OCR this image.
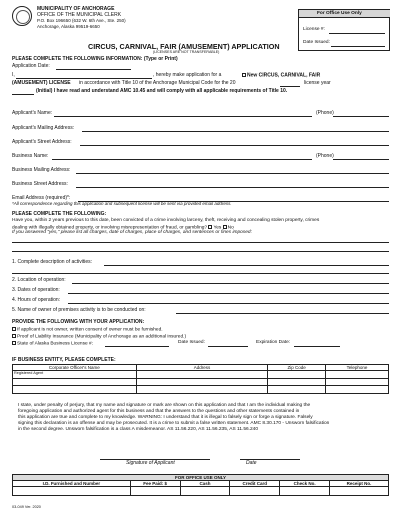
MUNICIPALITY OF ANCHORAGE
OFFICE OF THE MUNICIPAL CLERK
P.O. Box 196650 (632 W. 6th Ave., Ste. 250)
Anchorage, Alaska 99519-6650
For Office Use Only
License #:
Date Issued:
CIRCUS, CARNIVAL, FAIR (AMUSEMENT) APPLICATION
(LICENSES ARE NOT TRANSFERABLE)
PLEASE COMPLETE THE FOLLOWING INFORMATION: (Type or Print)
Application Date:
I,	, hereby make application for a	New CIRCUS, CARNIVAL, FAIR
(AMUSEMENT) LICENSE in accordance with Title 10 of the Anchorage Municipal Code for the 20	license year
(Initial) I have read and understand AMC 10.45 and will comply with all applicable requirements of Title 10.
Applicant's Name:	(Phone)
Applicant's Mailing Address:
Applicant's Street Address:
Business Name:	(Phone)
Business Mailing Address:
Business Street Address:
Email Address (required)*:
*All correspondence regarding this application and subsequent license will be sent via provided email address.
PLEASE COMPLETE THE FOLLOWING:
Have you, within 2 years previous to this date, been convicted of a crime involving larceny, theft, receiving and concealing stolen property, crimes
dealing with illegally obtained property, or involving misrepresentation of fraud, or gambling? Yes No
If you answered "yes," please list all charges, date of charges, place of charges, and sentences or fines imposed:
1. Complete description of activities:
2. Location of operation:
3. Dates of operation:
4. Hours of operation:
5. Name of owner of premises activity is to be conducted on:
PROVIDE THE FOLLOWING WITH YOUR APPLICATION:
If applicant is not owner, written consent of owner must be furnished.
Proof of Liability Insurance (Municipality of Anchorage as an additional insured.)
State of Alaska Business License #:	Date Issued:	Expiration Date:
IF BUSINESS ENTITY, PLEASE COMPLETE:
Corporate Officer's Name	Address	Zip Code	Telephone
Registered Agent			

I state, under penalty of perjury, that my name and signature or mark are shown on this application and that I am the individual making the
foregoing application and authorized agent for this business and that the answers to the questions and other statements contained in
this application are true and complete to my knowledge. WARNING: I understand that it is illegal to falsely sign or forge a signature. Falsely
signing this declaration is an offense and may be prosecuted. It is a crime to submit a false written statement. AMC 8.30.170 - Unsworn falsification
in the second degree. Unsworn falsification is a class A misdemeanor. AS 11.56.220, AS 11.56.235, AS 11.56.240
Signature of Applicant	Date
FOR OFFICE USE ONLY					
I.D. Furnished and Number	Fee Paid: $	Cash	Credit Card	Check No.	Receipt No.

03-049 Ver. 2020
